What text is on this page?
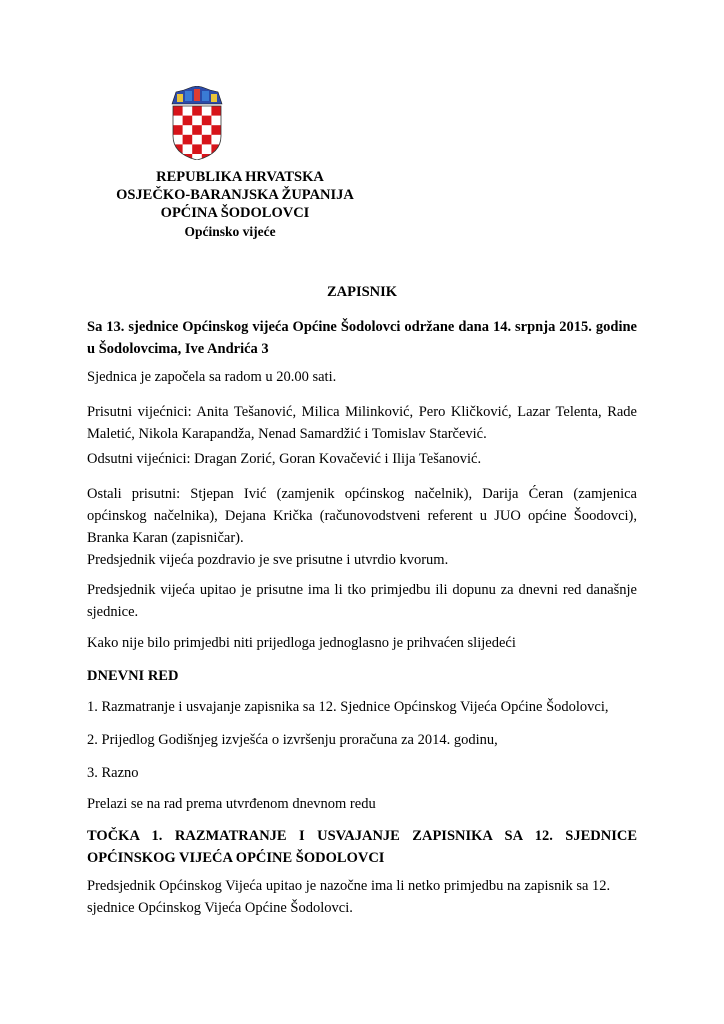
REPUBLIKA HRVATSKA
OSJEČKO-BARANJSKA ŽUPANIJA
OPĆINA ŠODOLOVCI
Općinsko vijeće
ZAPISNIK
Sa 13. sjednice Općinskog vijeća Općine Šodolovci održane dana 14. srpnja 2015. godine u Šodolovcima, Ive Andrića 3
Sjednica je započela sa radom u 20.00 sati.
Prisutni vijećnici: Anita Tešanović, Milica Milinković, Pero Kličković, Lazar Telenta, Rade Maletić, Nikola Karapandža, Nenad Samardžić i Tomislav Starčević.
Odsutni vijećnici: Dragan Zorić, Goran Kovačević i Ilija Tešanović.
Ostali prisutni: Stjepan Ivić (zamjenik općinskog načelnik), Darija Ćeran (zamjenica općinskog načelnika), Dejana Krička (računovodstveni referent u JUO općine Šoodovci), Branka Karan (zapisničar).
Predsjednik vijeća pozdravio je sve prisutne i utvrdio kvorum.
Predsjednik vijeća upitao je prisutne ima li tko primjedbu ili dopunu za dnevni red današnje sjednice.
Kako nije bilo primjedbi niti prijedloga jednoglasno je prihvaćen slijedeći
DNEVNI RED
1. Razmatranje i usvajanje zapisnika sa 12. Sjednice Općinskog Vijeća Općine Šodolovci,
2. Prijedlog Godišnjeg izvješća o izvršenju proračuna za 2014. godinu,
3. Razno
Prelazi se na rad prema utvrđenom dnevnom redu
TOČKA 1. RAZMATRANJE I USVAJANJE ZAPISNIKA SA 12. SJEDNICE OPĆINSKOG VIJEĆA OPĆINE ŠODOLOVCI
Predsjednik Općinskog Vijeća upitao je nazočne ima li netko primjedbu na zapisnik sa 12. sjednice Općinskog Vijeća Općine Šodolovci.
